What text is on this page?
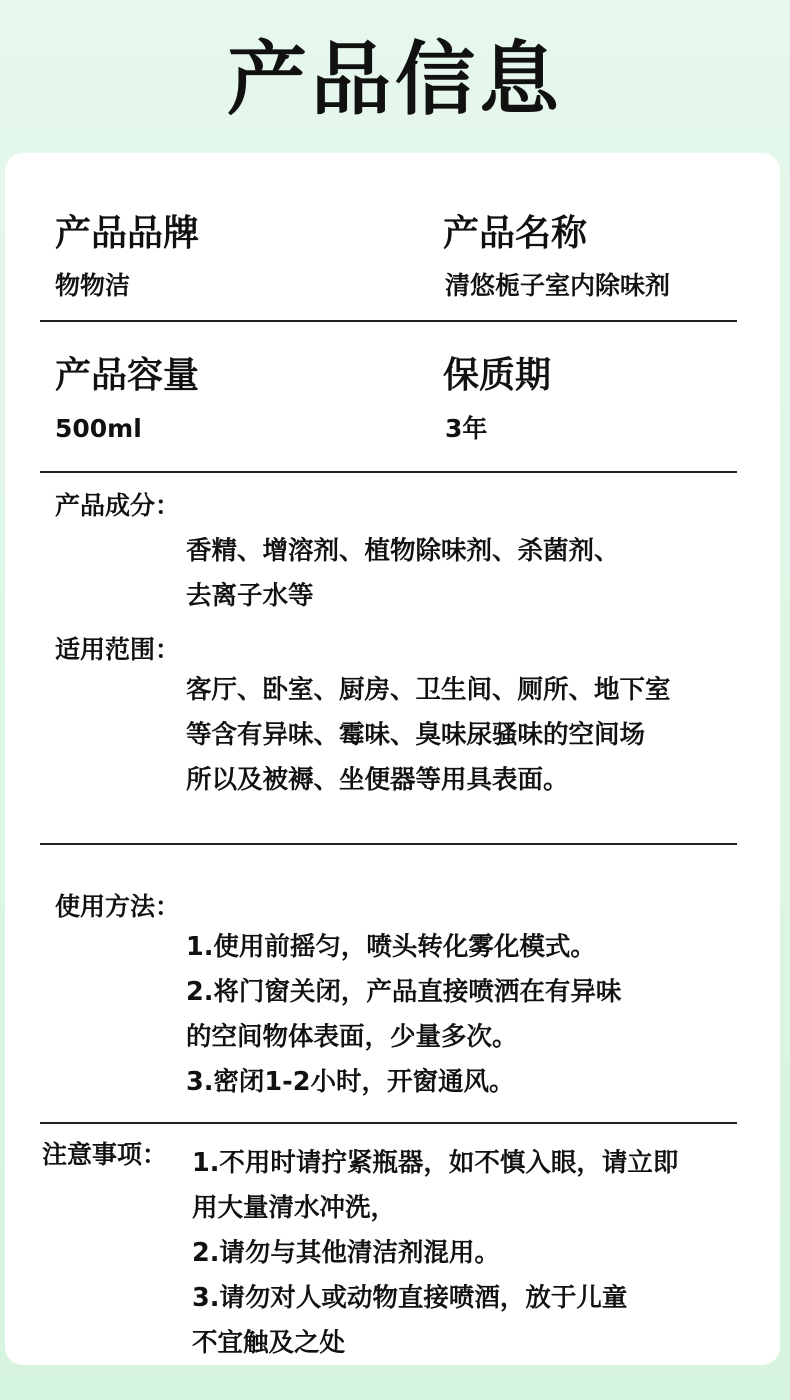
产品信息
产品品牌
物物洁
产品名称
清悠栀子室内除味剂
产品容量
500ml
保质期
3年
产品成分：
香精、增溶剂、植物除味剂、杀菌剂、
去离子水等
适用范围：
客厅、卧室、厨房、卫生间、厕所、地下室
等含有异味、霉味、臭味尿骚味的空间场
所以及被褥、坐便器等用具表面。
使用方法：
1.使用前摇匀，喷头转化雾化模式。
2.将门窗关闭，产品直接喷洒在有异味
的空间物体表面，少量多次。
3.密闭1-2小时，开窗通风。
注意事项： 1.不用时请拧紧瓶器，如不慎入眼，请立即
用大量清水冲洗，
2.请勿与其他清洁剂混用。
3.请勿对人或动物直接喷酒，放于儿童
不宜触及之处
